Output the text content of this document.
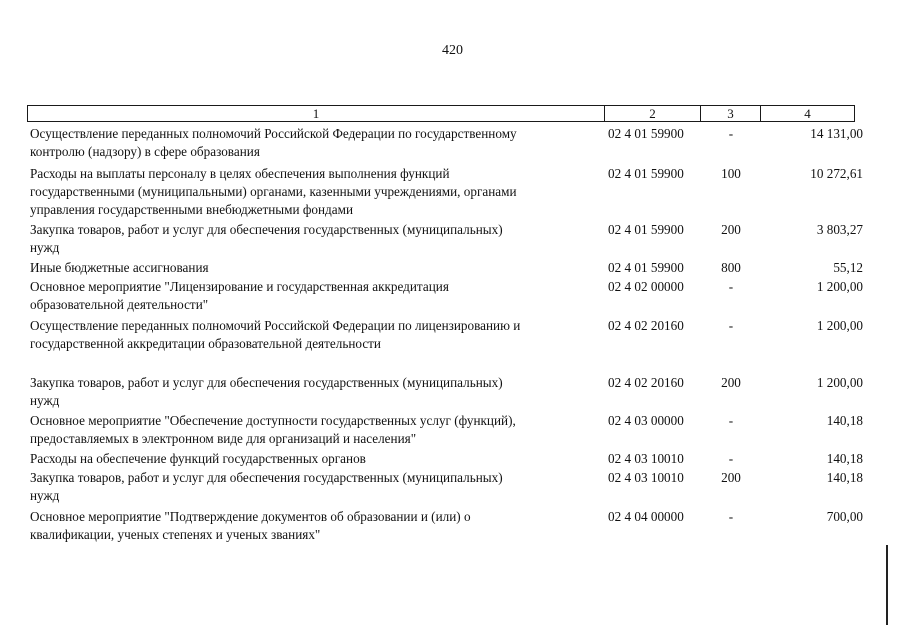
420
1	2	3	4
Осуществление переданных полномочий Российской Федерации по государственному
контролю (надзору) в сфере образования
02 4 01 59900	-	14 131,00
Расходы на выплаты персоналу в целях обеспечения выполнения функций
государственными (муниципальными) органами, казенными учреждениями, органами
управления государственными внебюджетными фондами
02 4 01 59900	100	10 272,61
Закупка товаров, работ и услуг для обеспечения государственных (муниципальных)
нужд
02 4 01 59900	200	3 803,27
Иные бюджетные ассигнования	02 4 01 59900	800	55,12
Основное мероприятие "Лицензирование и государственная аккредитация
образовательной деятельности"
02 4 02 00000	-	1 200,00
Осуществление переданных полномочий Российской Федерации по лицензированию и
государственной аккредитации образовательной деятельности
02 4 02 20160	-	1 200,00
Закупка товаров, работ и услуг для обеспечения государственных (муниципальных)
нужд
02 4 02 20160	200	1 200,00
Основное мероприятие "Обеспечение доступности государственных услуг (функций),
предоставляемых в электронном виде для организаций и населения"
02 4 03 00000	-	140,18
Расходы на обеспечение функций государственных органов	02 4 03 10010	-	140,18
Закупка товаров, работ и услуг для обеспечения государственных (муниципальных)
нужд
02 4 03 10010	200	140,18
Основное мероприятие "Подтверждение документов об образовании и (или) о
квалификации, ученых степенях и ученых званиях"
02 4 04 00000	-	700,00
